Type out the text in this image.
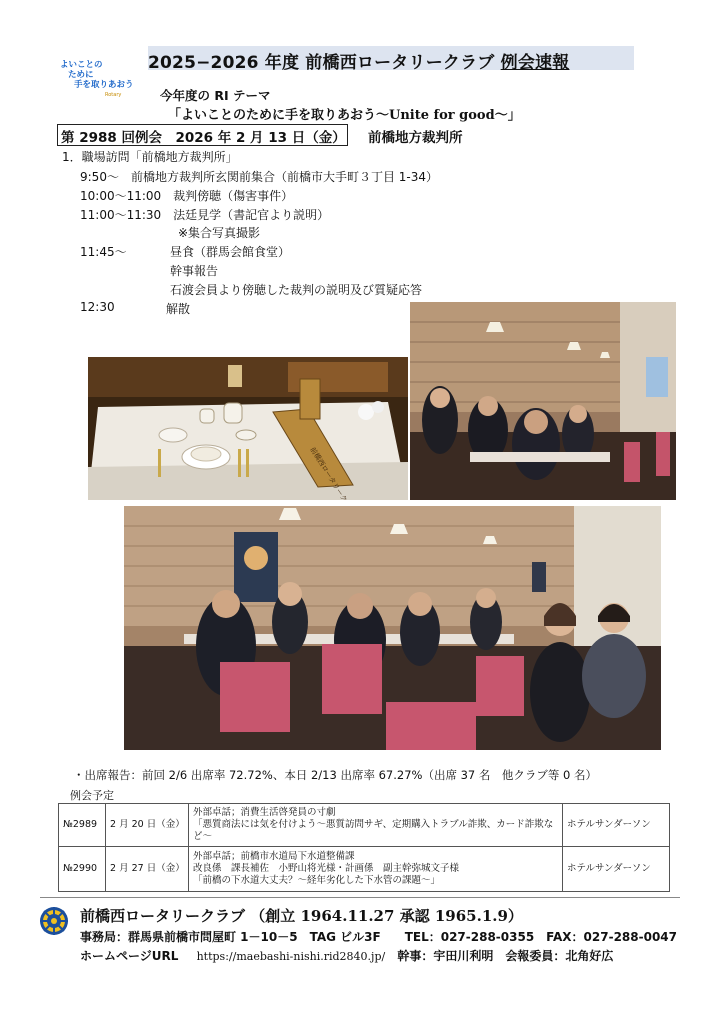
2025−2026 年度 前橋西ロータリークラブ 例会速報
よいことの
ために
手を取りあおう
Rotary	今年度の RI テーマ
「よいことのために手を取りあおう～Unite for good～」
第 2988 回例会　2026 年 2 月 13 日（金） 前橋地方裁判所
1．職場訪問「前橋地方裁判所」
9:50～　前橋地方裁判所玄関前集合（前橋市大手町３丁目 1-34）
10:00～11:00　裁判傍聴（傷害事件）
11:00～11:30　法廷見学（書記官より説明）
※集合写真撮影
11:45～	昼食（群馬会館食堂）
幹事報告
石渡会員より傍聴した裁判の説明及び質疑応答
12:30	解散
・出席報告：前回 2/6 出席率 72.72%、本日 2/13 出席率 67.27%（出席 37 名　他クラブ等 0 名）
例会予定
№2989	2 月 20 日（金）	外部卓話；消費生活啓発員の寸劇
「悪質商法には気を付けよう～悪質訪問サギ、定期購入トラブル詐欺、カード詐欺など～	ホテルサンダーソン
№2990	2 月 27 日（金）	外部卓話；前橋市水道局下水道整備課
改良係　課長補佐　小野山将光様・計画係　副主幹弥城文子様
「前橋の下水道大丈夫？～経年劣化した下水管の課題～」	ホテルサンダーソン
前橋西ロータリークラブ （創立 1964.11.27 承認 1965.1.9）
事務局：群馬県前橋市問屋町 1－10－5　TAG ビル3F　　TEL：027-288-0355　FAX：027-288-0047
ホームページURL https://maebashi-nishi.rid2840.jp/ 幹事：宇田川利明　会報委員：北角好広
